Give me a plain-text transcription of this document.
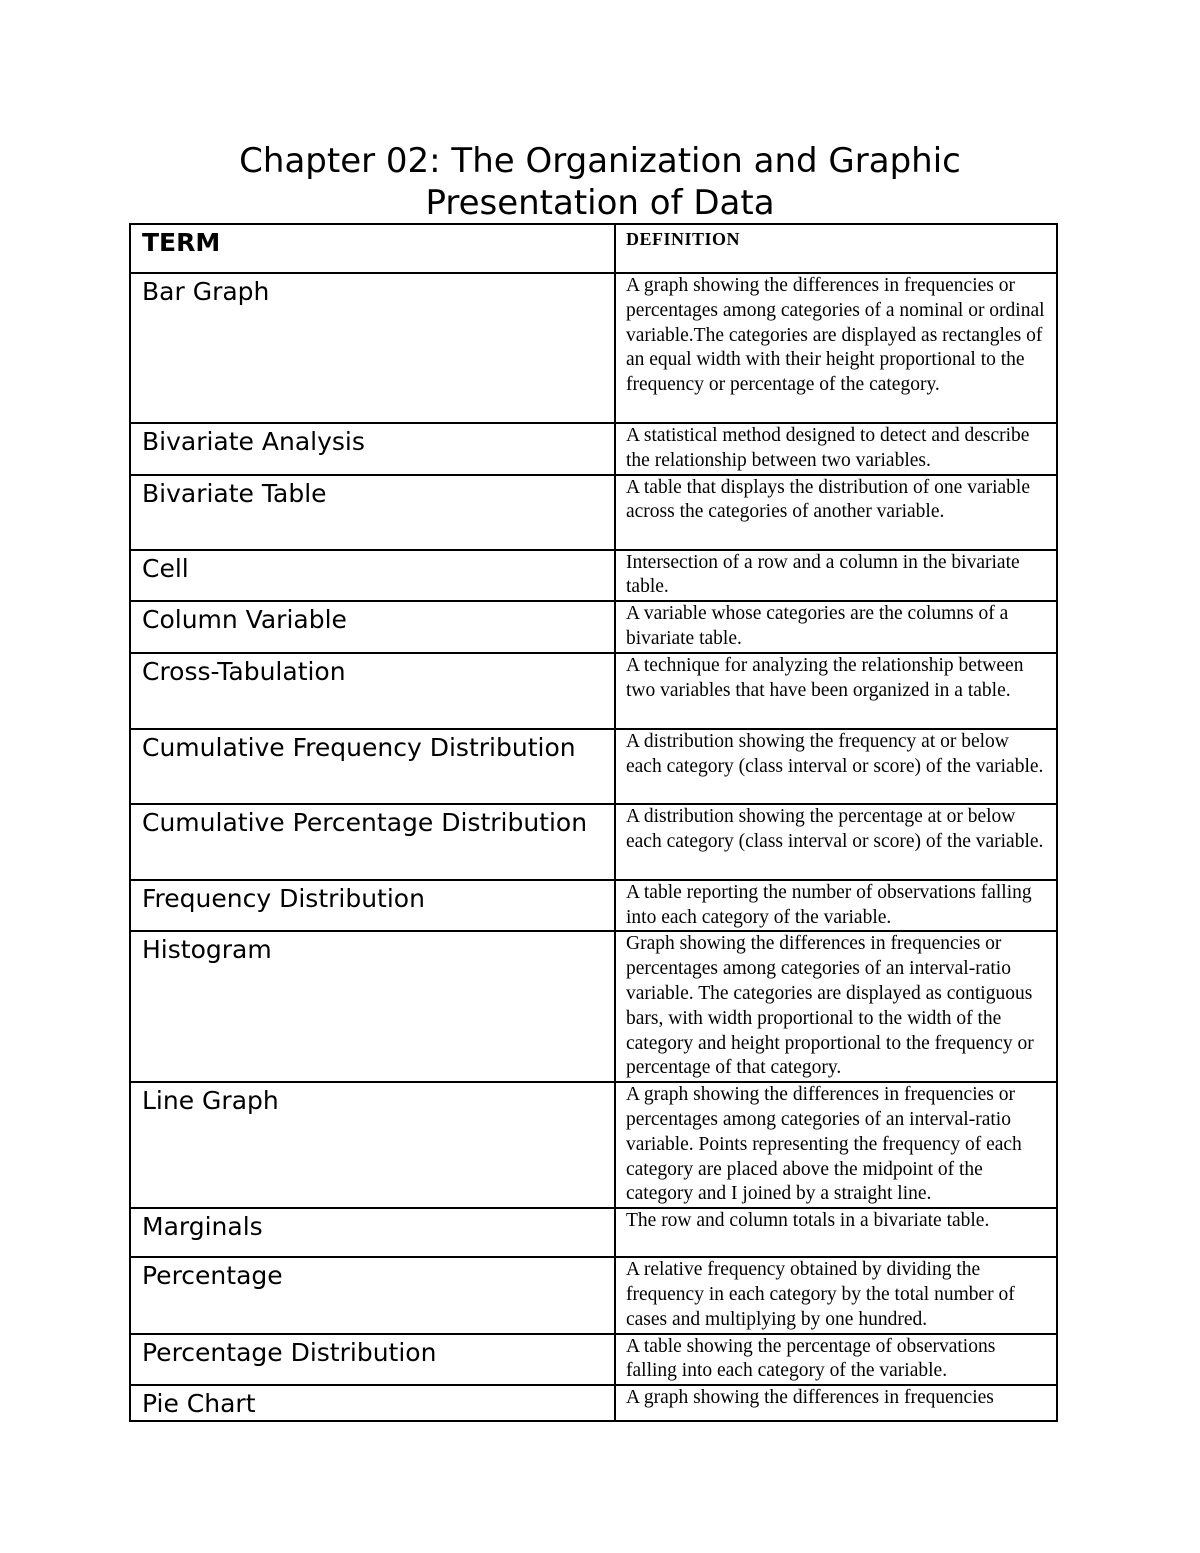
Chapter 02: The Organization and Graphic
Presentation of Data
TERM	DEFINITION
Bar Graph	A graph showing the differences in frequencies or percentages among categories of a nominal or ordinal variable.The categories are displayed as rectangles of an equal width with their height proportional to the frequency or percentage of the category.
Bivariate Analysis	A statistical method designed to detect and describe the relationship between two variables.
Bivariate Table	A table that displays the distribution of one variable across the categories of another variable.
Cell	Intersection of a row and a column in the bivariate table.
Column Variable	A variable whose categories are the columns of a bivariate table.
Cross-Tabulation	A technique for analyzing the relationship between two variables that have been organized in a table.
Cumulative Frequency Distribution	A distribution showing the frequency at or below each category (class interval or score) of the variable.
Cumulative Percentage Distribution	A distribution showing the percentage at or below each category (class interval or score) of the variable.
Frequency Distribution	A table reporting the number of observations falling into each category of the variable.
Histogram	Graph showing the differences in frequencies or percentages among categories of an interval-ratio variable. The categories are displayed as contiguous bars, with width proportional to the width of the category and height proportional to the frequency or percentage of that category.
Line Graph	A graph showing the differences in frequencies or percentages among categories of an interval-ratio variable. Points representing the frequency of each category are placed above the midpoint of the category and I joined by a straight line.
Marginals	The row and column totals in a bivariate table.
Percentage	A relative frequency obtained by dividing the frequency in each category by the total number of cases and multiplying by one hundred.
Percentage Distribution	A table showing the percentage of observations falling into each category of the variable.
Pie Chart	A graph showing the differences in frequencies
